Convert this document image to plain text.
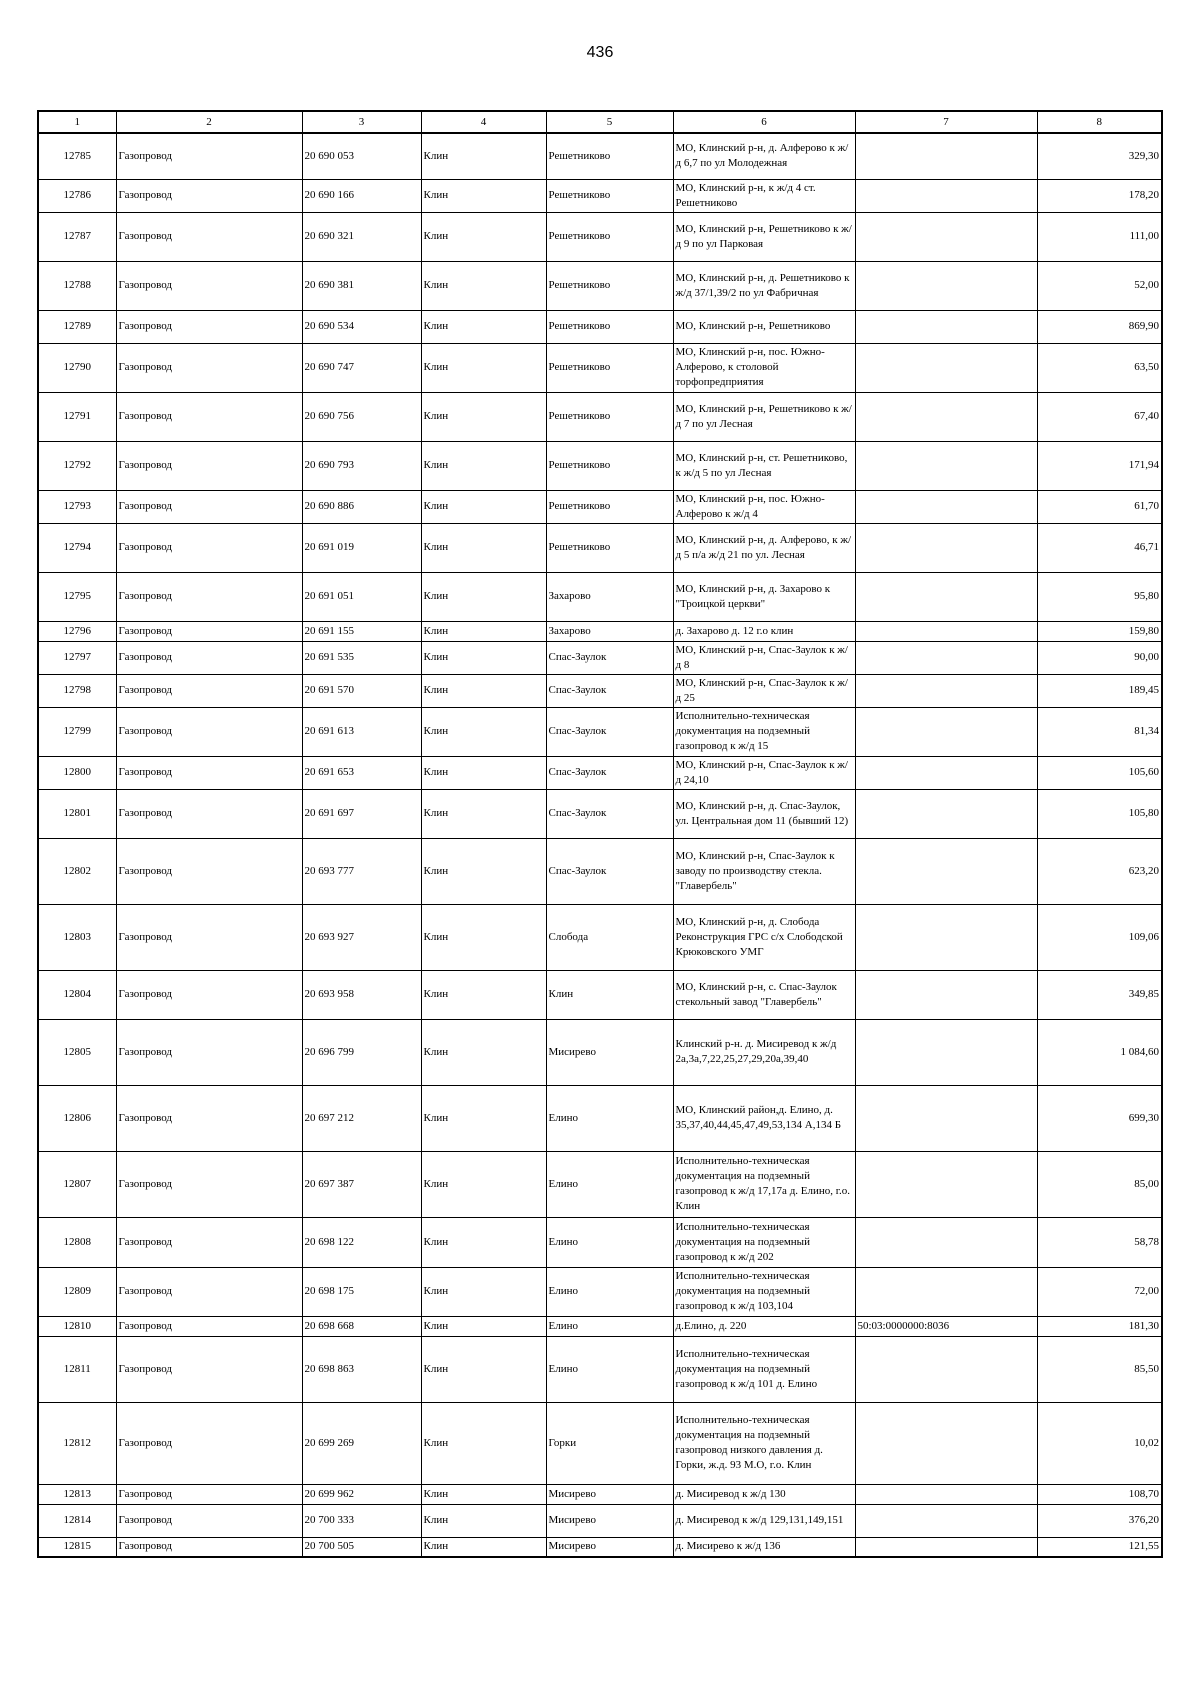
436
1	2	3	4	5	6	7	8
12785	Газопровод	20 690 053	Клин	Решетниково	МО, Клинский р-н, д. Алферово к ж/д 6,7 по ул Молодежная		329,30
12786	Газопровод	20 690 166	Клин	Решетниково	МО, Клинский р-н, к ж/д 4 ст. Решетниково		178,20
12787	Газопровод	20 690 321	Клин	Решетниково	МО, Клинский р-н, Решетниково к ж/д 9 по ул Парковая		111,00
12788	Газопровод	20 690 381	Клин	Решетниково	МО, Клинский р-н, д. Решетниково к ж/д 37/1,39/2 по ул Фабричная		52,00
12789	Газопровод	20 690 534	Клин	Решетниково	МО, Клинский р-н, Решетниково		869,90
12790	Газопровод	20 690 747	Клин	Решетниково	МО, Клинский р-н, пос. Южно-Алферово, к столовой торфопредприятия		63,50
12791	Газопровод	20 690 756	Клин	Решетниково	МО, Клинский р-н, Решетниково к ж/д 7 по ул Лесная		67,40
12792	Газопровод	20 690 793	Клин	Решетниково	МО, Клинский р-н, ст. Решетниково, к ж/д 5 по ул Лесная		171,94
12793	Газопровод	20 690 886	Клин	Решетниково	МО, Клинский р-н, пос. Южно-Алферово к ж/д 4		61,70
12794	Газопровод	20 691 019	Клин	Решетниково	МО, Клинский р-н, д. Алферово, к ж/д 5 п/а ж/д 21 по ул. Лесная		46,71
12795	Газопровод	20 691 051	Клин	Захарово	МО, Клинский р-н, д. Захарово к "Троицкой церкви"		95,80
12796	Газопровод	20 691 155	Клин	Захарово	д. Захарово д. 12 г.о клин		159,80
12797	Газопровод	20 691 535	Клин	Спас-Заулок	МО, Клинский р-н, Спас-Заулок к ж/д 8		90,00
12798	Газопровод	20 691 570	Клин	Спас-Заулок	МО, Клинский р-н, Спас-Заулок к ж/д 25		189,45
12799	Газопровод	20 691 613	Клин	Спас-Заулок	Исполнительно-техническая документация на подземный газопровод к ж/д 15		81,34
12800	Газопровод	20 691 653	Клин	Спас-Заулок	МО, Клинский р-н, Спас-Заулок к ж/д 24,10		105,60
12801	Газопровод	20 691 697	Клин	Спас-Заулок	МО, Клинский р-н, д. Спас-Заулок, ул. Центральная дом 11 (бывший 12)		105,80
12802	Газопровод	20 693 777	Клин	Спас-Заулок	МО, Клинский р-н, Спас-Заулок к заводу по производству стекла. "Главербель"		623,20
12803	Газопровод	20 693 927	Клин	Слобода	МО, Клинский р-н, д. Слобода Реконструкция ГРС с/х Слободской Крюковского УМГ		109,06
12804	Газопровод	20 693 958	Клин	Клин	МО, Клинский р-н, с. Спас-Заулок стекольный завод "Главербель"		349,85
12805	Газопровод	20 696 799	Клин	Мисирево	Клинский р-н. д. Мисиревод к ж/д 2а,3а,7,22,25,27,29,20а,39,40		1 084,60
12806	Газопровод	20 697 212	Клин	Елино	МО, Клинский район,д. Елино, д. 35,37,40,44,45,47,49,53,134 А,134 Б		699,30
12807	Газопровод	20 697 387	Клин	Елино	Исполнительно-техническая документация на подземный газопровод к ж/д 17,17а д. Елино, г.о. Клин		85,00
12808	Газопровод	20 698 122	Клин	Елино	Исполнительно-техническая документация на подземный газопровод к ж/д 202		58,78
12809	Газопровод	20 698 175	Клин	Елино	Исполнительно-техническая документация на подземный газопровод к ж/д 103,104		72,00
12810	Газопровод	20 698 668	Клин	Елино	д.Елино, д. 220	50:03:0000000:8036	181,30
12811	Газопровод	20 698 863	Клин	Елино	Исполнительно-техническая документация на подземный газопровод к ж/д 101 д. Елино		85,50
12812	Газопровод	20 699 269	Клин	Горки	Исполнительно-техническая документация на подземный газопровод низкого давления д. Горки, ж.д. 93 М.О, г.о. Клин		10,02
12813	Газопровод	20 699 962	Клин	Мисирево	д. Мисиревод к ж/д 130		108,70
12814	Газопровод	20 700 333	Клин	Мисирево	д. Мисиревод к ж/д 129,131,149,151		376,20
12815	Газопровод	20 700 505	Клин	Мисирево	д. Мисирево к ж/д 136		121,55
